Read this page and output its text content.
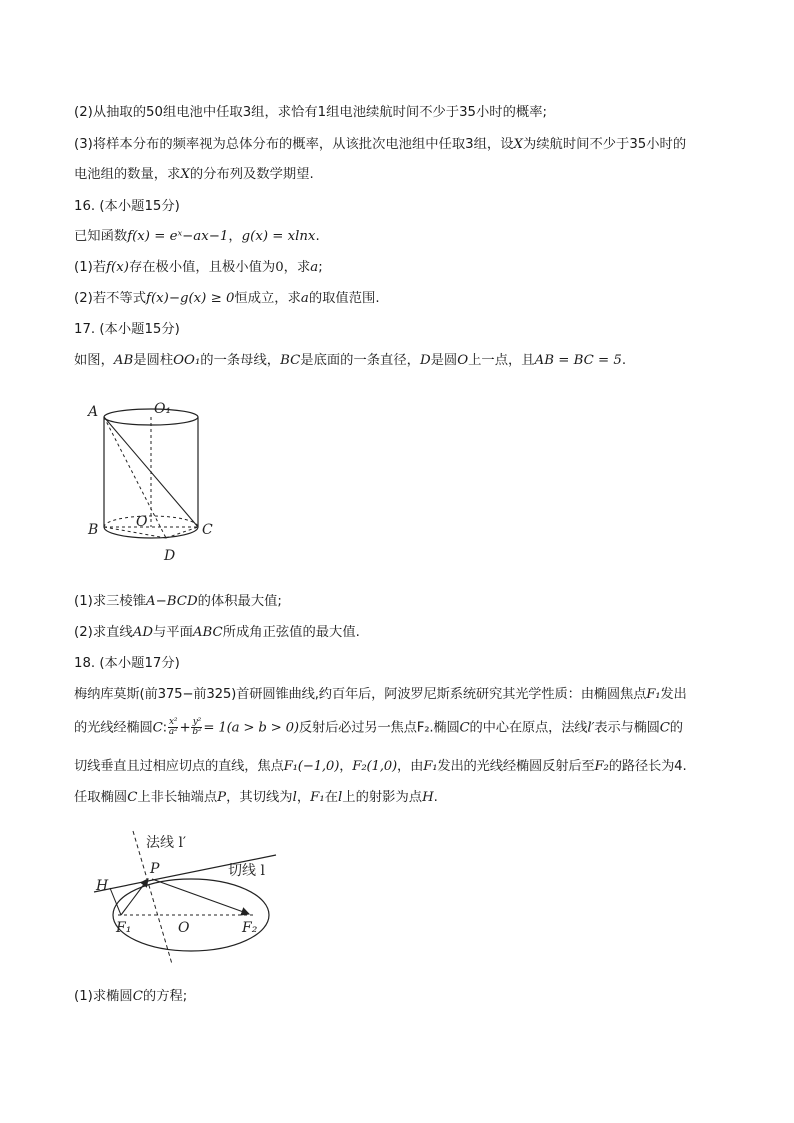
(2)从抽取的50组电池中任取3组，求恰有1组电池续航时间不少于35小时的概率;
(3)将样本分布的频率视为总体分布的概率，从该批次电池组中任取3组，设X为续航时间不少于35小时的
电池组的数量，求X的分布列及数学期望.
16. (本小题15分)
已知函数f(x) = eˣ−ax−1，g(x) = xlnx.
(1)若f(x)存在极小值，且极小值为0，求a;
(2)若不等式f(x)−g(x) ≥ 0恒成立，求a的取值范围.
17. (本小题15分)
如图，AB是圆柱OO₁的一条母线，BC是底面的一条直径，D是圆O上一点，且AB = BC = 5.
A	O₁
B	O	C
D
(1)求三棱锥A−BCD的体积最大值;
(2)求直线AD与平面ABC所成角正弦值的最大值.
18. (本小题17分)
梅纳库莫斯(前375−前325)首研圆锥曲线,约百年后，阿波罗尼斯系统研究其光学性质：由椭圆焦点F₁发出
的光线经椭圆C: $\frac{\text{x²}}{\text{a²}} + \frac{\text{y²}}{\text{b²}} = 1(a > b > 0)$反射后必过另一焦点F₂.椭圆C的中心在原点，法线l′表示与椭圆C的
切线垂直且过相应切点的直线，焦点F₁(−1,0)，F₂(1,0)，由F₁发出的光线经椭圆反射后至F₂的路径长为4.
任取椭圆C上非长轴端点P，其切线为l，F₁在l上的射影为点H.
法线 l′
切线 l
H
P
F₁	O	F₂
(1)求椭圆C的方程;
